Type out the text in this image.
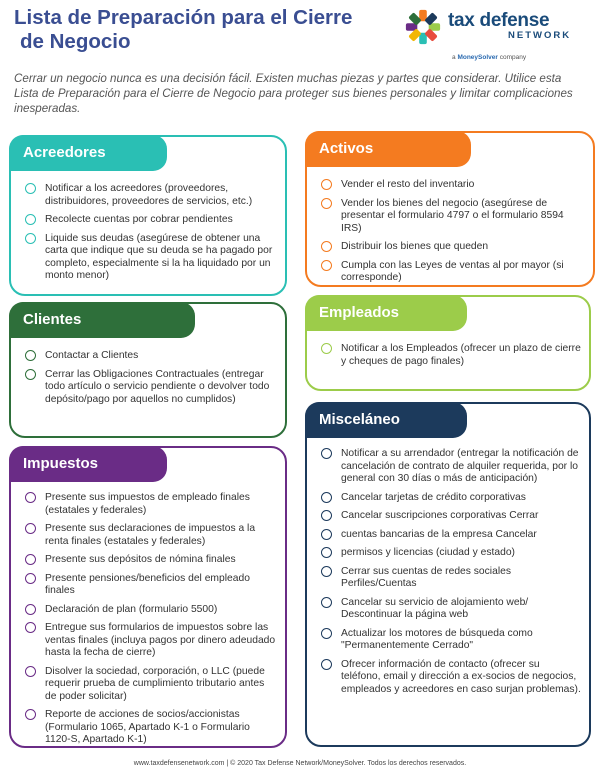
Lista de Preparación para el Cierre
de Negocio
tax defense
NETWORK
a MoneySolver company
Cerrar un negocio nunca es una decisión fácil. Existen muchas piezas y partes que considerar. Utilice esta Lista de Preparación para el Cierre de Negocio para proteger sus bienes personales y limitar complicaciones inesperadas.
Acreedores
Notificar a los acreedores (proveedores, distribuidores, proveedores de servicios, etc.)
Recolecte cuentas por cobrar pendientes
Liquide sus deudas (asegúrese de obtener una carta que indique que su deuda se ha pagado por completo, especialmente si la ha liquidado por un monto menor)
Activos
Vender el resto del inventario
Vender los bienes del negocio (asegúrese de presentar el formulario 4797 o el formulario 8594 IRS)
Distribuir los bienes que queden
Cumpla con las Leyes de ventas al por mayor (si corresponde)
Clientes
Contactar a Clientes
Cerrar las Obligaciones Contractuales (entregar todo artículo o servicio pendiente o devolver todo depósito/pago por aquellos no cumplidos)
Empleados
Notificar a los Empleados (ofrecer un plazo de cierre y cheques de pago finales)
Impuestos
Presente sus impuestos de empleado finales (estatales y federales)
Presente sus declaraciones de impuestos a la renta finales (estatales y federales)
Presente sus depósitos de nómina finales
Presente pensiones/beneficios del empleado finales
Declaración de plan (formulario 5500)
Entregue sus formularios de impuestos sobre las ventas finales (incluya pagos por dinero adeudado hasta la fecha de cierre)
Disolver la sociedad, corporación, o LLC (puede requerir prueba de cumplimiento tributario antes de poder solicitar)
Reporte de acciones de socios/accionistas (Formulario 1065, Apartado K-1 o Formulario 1120-S, Apartado K-1)
Misceláneo
Notificar a su arrendador (entregar la notificación de cancelación de contrato de alquiler requerida, por lo general con 30 días o más de anticipación)
Cancelar tarjetas de crédito corporativas
Cancelar suscripciones corporativas Cerrar
cuentas bancarias de la empresa Cancelar
permisos y licencias (ciudad y estado)
Cerrar sus cuentas de redes sociales Perfiles/Cuentas
Cancelar su servicio de alojamiento web/ Descontinuar la página web
Actualizar los motores de búsqueda como "Permanentemente Cerrado"
Ofrecer información de contacto (ofrecer su teléfono, email y dirección a ex-socios de negocios, empleados y acreedores en caso surjan problemas).
www.taxdefensenetwork.com | © 2020 Tax Defense Network/MoneySolver. Todos los derechos reservados.
